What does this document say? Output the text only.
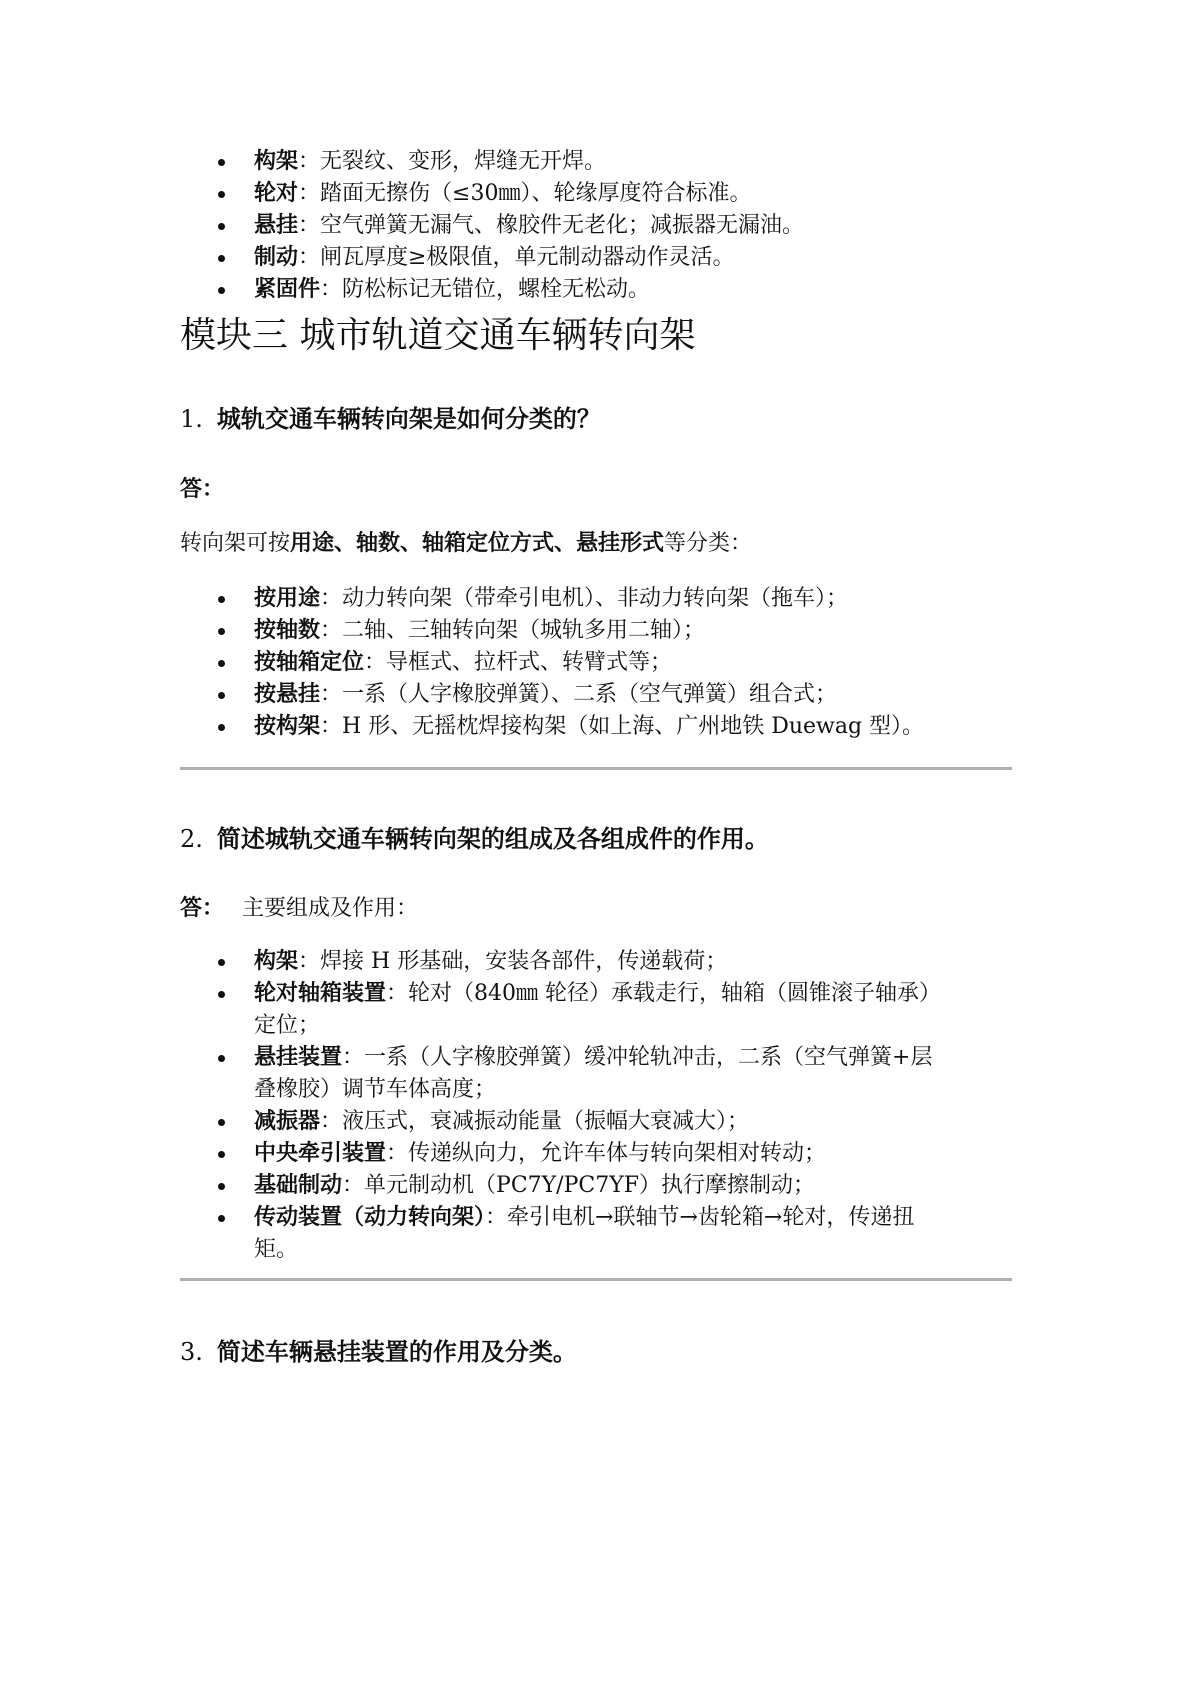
构架：无裂纹、变形，焊缝无开焊。
轮对：踏面无擦伤（≤30㎜）、轮缘厚度符合标准。
悬挂：空气弹簧无漏气、橡胶件无老化；减振器无漏油。
制动：闸瓦厚度≥极限值，单元制动器动作灵活。
紧固件：防松标记无错位，螺栓无松动。
模块三 城市轨道交通车辆转向架
1. 城轨交通车辆转向架是如何分类的？
答：
转向架可按用途、轴数、轴箱定位方式、悬挂形式等分类：
按用途：动力转向架（带牵引电机）、非动力转向架（拖车）；
按轴数：二轴、三轴转向架（城轨多用二轴）；
按轴箱定位：导框式、拉杆式、转臂式等；
按悬挂：一系（人字橡胶弹簧）、二系（空气弹簧）组合式；
按构架：H 形、无摇枕焊接构架（如上海、广州地铁 Duewag 型）。
2. 简述城轨交通车辆转向架的组成及各组成件的作用。
答： 主要组成及作用：
构架：焊接 H 形基础，安装各部件，传递载荷；
轮对轴箱装置：轮对（840㎜ 轮径）承载走行，轴箱（圆锥滚子轴承）定位；
悬挂装置：一系（人字橡胶弹簧）缓冲轮轨冲击，二系（空气弹簧+层叠橡胶）调节车体高度；
减振器：液压式，衰减振动能量（振幅大衰减大）；
中央牵引装置：传递纵向力，允许车体与转向架相对转动；
基础制动：单元制动机（PC7Y/PC7YF）执行摩擦制动；
传动装置（动力转向架）：牵引电机→联轴节→齿轮箱→轮对，传递扭矩。
3. 简述车辆悬挂装置的作用及分类。
